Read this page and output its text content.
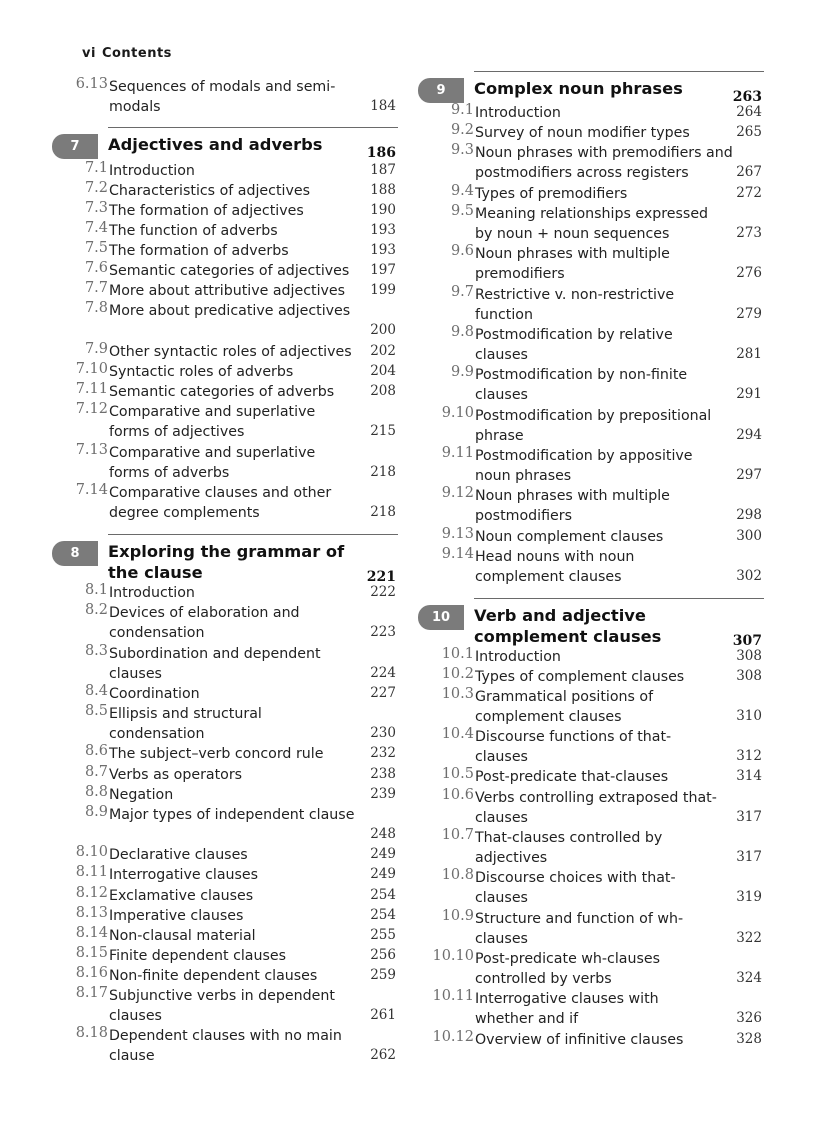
vi Contents
6.13 Sequences of modals and semi-modals	184
7	Adjectives and adverbs	186
7.1 Introduction	187
7.2 Characteristics of adjectives	188
7.3 The formation of adjectives	190
7.4 The function of adverbs	193
7.5 The formation of adverbs	193
7.6 Semantic categories of adjectives	197
7.7 More about attributive adjectives	199
7.8 More about predicative adjectives
200
7.9 Other syntactic roles of adjectives 202
7.10 Syntactic roles of adverbs	204
7.11 Semantic categories of adverbs	208
7.12 Comparative and superlative forms of adjectives	215
7.13 Comparative and superlative forms of adverbs	218
7.14 Comparative clauses and other degree complements	218
8	Exploring the grammar of the clause	221
8.1 Introduction	222
8.2 Devices of elaboration and condensation	223
8.3 Subordination and dependent clauses	224
8.4 Coordination	227
8.5 Ellipsis and structural condensation	230
8.6 The subject–verb concord rule	232
8.7 Verbs as operators	238
8.8 Negation	239
8.9 Major types of independent clause
248
8.10 Declarative clauses	249
8.11 Interrogative clauses	249
8.12 Exclamative clauses	254
8.13 Imperative clauses	254
8.14 Non-clausal material	255
8.15 Finite dependent clauses	256
8.16 Non-finite dependent clauses	259
8.17 Subjunctive verbs in dependent clauses	261
8.18 Dependent clauses with no main clause	262
9	Complex noun phrases	263
9.1 Introduction	264
9.2 Survey of noun modifier types	265
9.3 Noun phrases with premodifiers and postmodifiers across registers	267
9.4 Types of premodifiers	272
9.5 Meaning relationships expressed by noun + noun sequences	273
9.6 Noun phrases with multiple premodifiers	276
9.7 Restrictive v. non-restrictive function	279
9.8 Postmodification by relative clauses	281
9.9 Postmodification by non-finite clauses	291
9.10 Postmodification by prepositional phrase	294
9.11 Postmodification by appositive noun phrases	297
9.12 Noun phrases with multiple postmodifiers	298
9.13 Noun complement clauses	300
9.14 Head nouns with noun complement clauses	302
10	Verb and adjective complement clauses	307
10.1 Introduction	308
10.2 Types of complement clauses	308
10.3 Grammatical positions of complement clauses	310
10.4 Discourse functions of that-clauses	312
10.5 Post-predicate that-clauses	314
10.6 Verbs controlling extraposed that-clauses	317
10.7 That-clauses controlled by adjectives	317
10.8 Discourse choices with that-clauses	319
10.9 Structure and function of wh-clauses	322
10.10 Post-predicate wh-clauses controlled by verbs	324
10.11 Interrogative clauses with whether and if	326
10.12 Overview of infinitive clauses	328
